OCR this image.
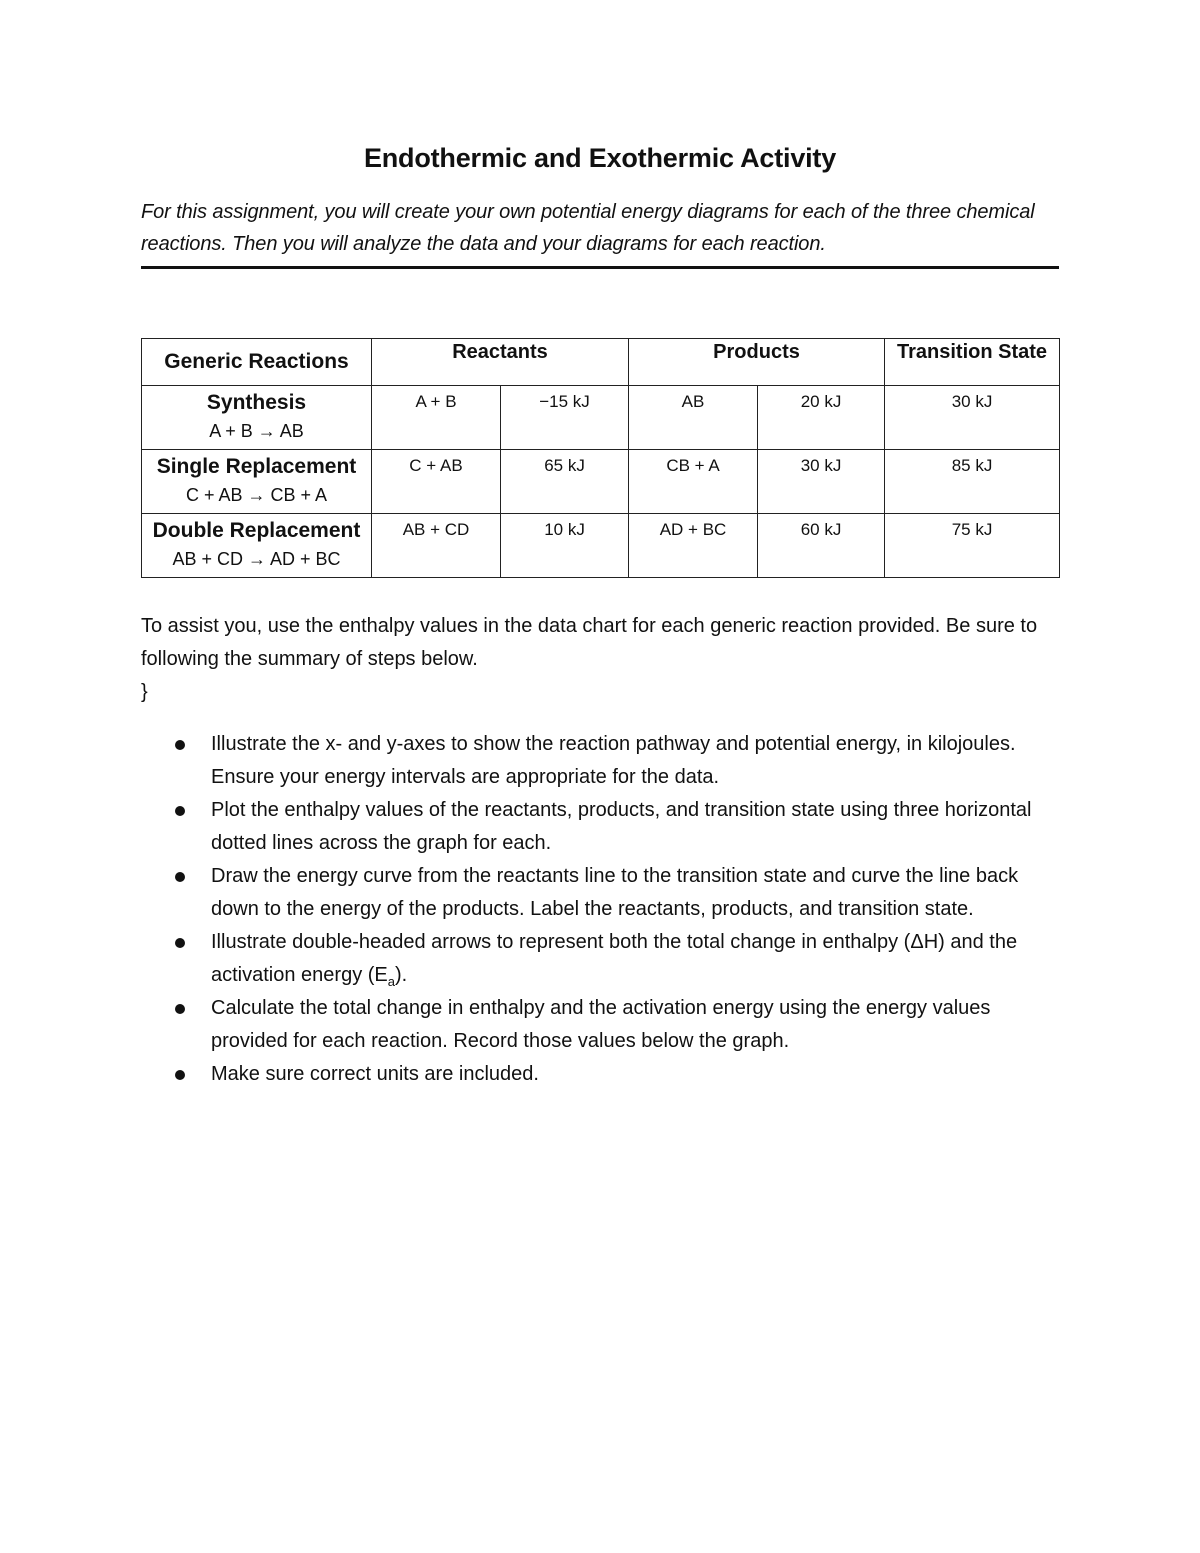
Endothermic and Exothermic Activity
For this assignment, you will create your own potential energy diagrams for each of the three chemical reactions. Then you will analyze the data and your diagrams for each reaction.
Generic Reactions	Reactants		Products		Transition State

Synthesis
A + B → AB	A + B	−15 kJ	AB	20 kJ	30 kJ

Single Replacement
C + AB → CB + A	C + AB	65 kJ	CB + A	30 kJ	85 kJ

Double Replacement
AB + CD → AD + BC	AB + CD	10 kJ	AD + BC	60 kJ	75 kJ
To assist you, use the enthalpy values in the data chart for each generic reaction provided. Be sure to following the summary of steps below.
}
Illustrate the x- and y-axes to show the reaction pathway and potential energy, in kilojoules. Ensure your energy intervals are appropriate for the data.
Plot the enthalpy values of the reactants, products, and transition state using three horizontal dotted lines across the graph for each.
Draw the energy curve from the reactants line to the transition state and curve the line back down to the energy of the products. Label the reactants, products, and transition state.
Illustrate double-headed arrows to represent both the total change in enthalpy (ΔH) and the activation energy $(E_a)$.
Calculate the total change in enthalpy and the activation energy using the energy values provided for each reaction. Record those values below the graph.
Make sure correct units are included.
